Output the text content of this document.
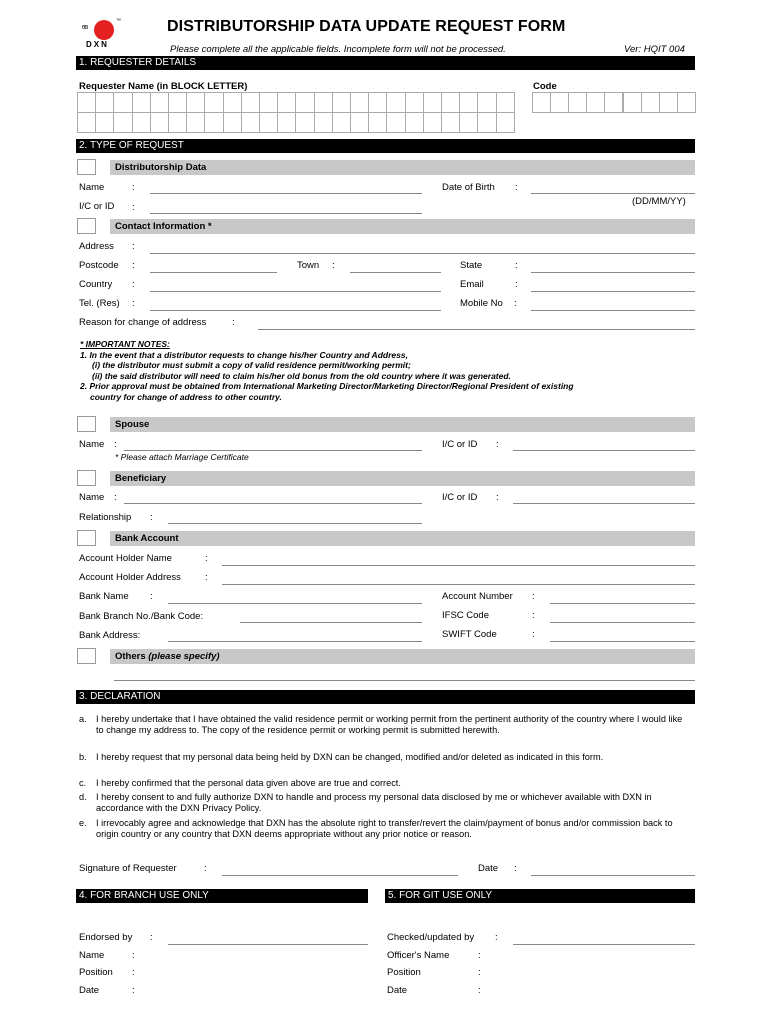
ɞɞ
™
DXN
DISTRIBUTORSHIP DATA UPDATE REQUEST FORM
Please complete all the applicable fields. Incomplete form will not be processed.	Ver: HQIT 004
1. REQUESTER DETAILS
Requester Name (in BLOCK LETTER)	Code
2. TYPE OF REQUEST
Distributorship Data
Name	:	Date of Birth :
(DD/MM/YY)
I/C or ID :
Contact Information *
Address :
Postcode :	Town :	State	:
Country :	Email	:
Tel. (Res) :	Mobile No :
Reason for change of address	:
* IMPORTANT NOTES:
1. In the event that a distributor requests to change his/her Country and Address,
(i) the distributor must submit a copy of valid residence permit/working permit;
(ii) the said distributor will need to claim his/her old bonus from the old country where it was generated.
2. Prior approval must be obtained from International Marketing Director/Marketing Director/Regional President of existing
country for change of address to other country.
Spouse
Name :	I/C or ID :
* Please attach Marriage Certificate
Beneficiary
Name :	I/C or ID :
Relationship :
Bank Account
Account Holder Name	:
Account Holder Address	:
Bank Name :	Account Number :
Bank Branch No./Bank Code:	IFSC Code	:
Bank Address:	SWIFT Code	:
Others (please specify)
3. DECLARATION
a. I hereby undertake that I have obtained the valid residence permit or working permit from the pertinent authority of the country where I would like to change my address to. The copy of the residence permit or working permit is submitted herewith.
b. I hereby request that my personal data being held by DXN can be changed, modified and/or deleted as indicated in this form.
c. I hereby confirmed that the personal data given above are true and correct.
d. I hereby consent to and fully authorize DXN to handle and process my personal data disclosed by me or whichever available with DXN in accordance with the DXN Privacy Policy.
e. I irrevocably agree and acknowledge that DXN has the absolute right to transfer/revert the claim/payment of bonus and/or commission back to origin country or any country that DXN deems appropriate without any prior notice or reason.
Signature of Requester	:	Date :
4. FOR BRANCH USE ONLY
Endorsed by :
Name	:
Position :
Date	:
5. FOR GIT USE ONLY
Checked/updated by :
Officer's Name	:
Position	:
Date	:
